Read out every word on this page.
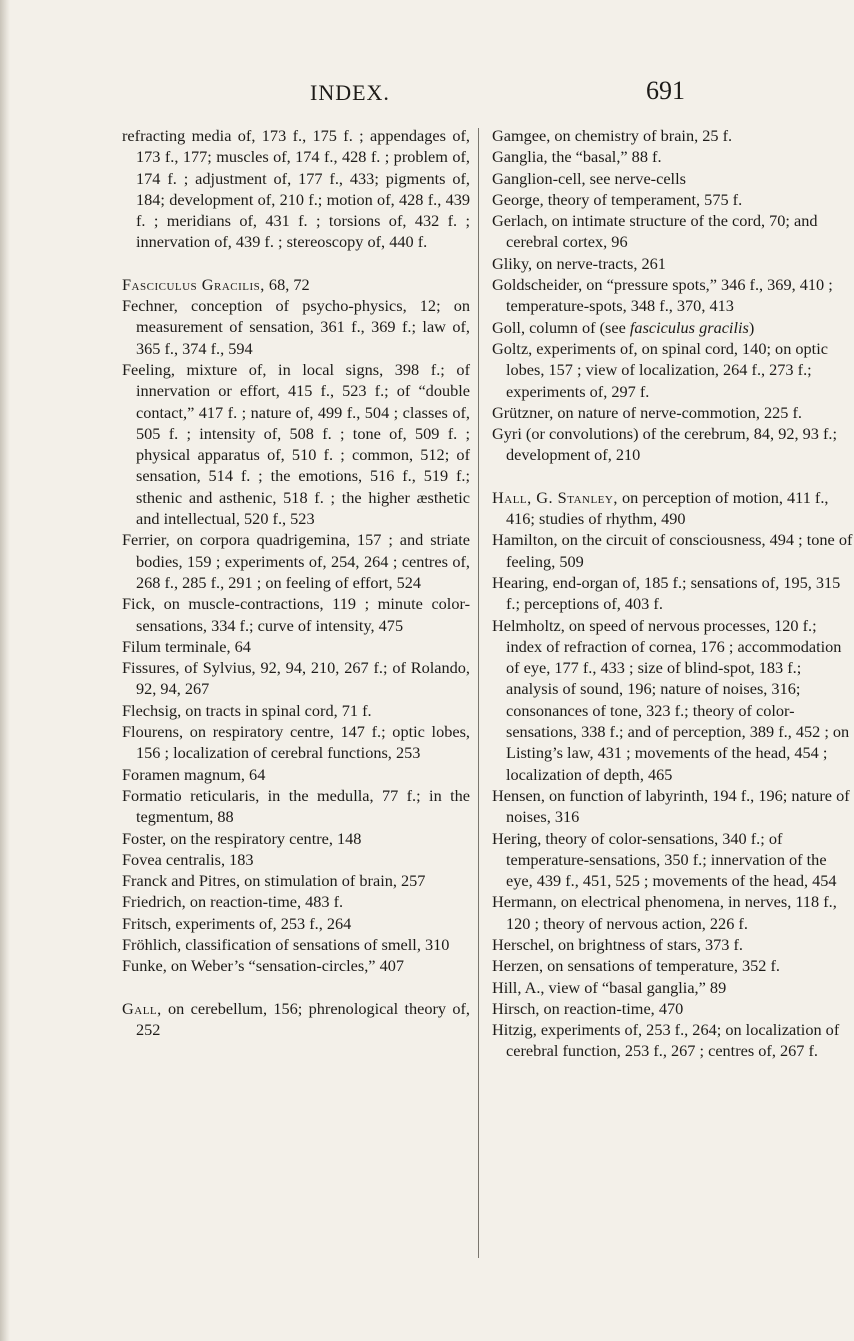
INDEX.	691

refracting media of, 173 f., 175 f. ; appendages of, 173 f., 177; muscles of, 174 f., 428 f. ; problem of, 174 f. ; adjustment of, 177 f., 433; pigments of, 184; development of, 210 f.; motion of, 428 f., 439 f. ; meridians of, 431 f. ; torsions of, 432 f. ; innervation of, 439 f. ; stereoscopy of, 440 f.

Fasciculus Gracilis, 68, 72

Fechner, conception of psycho-physics, 12; on measurement of sensation, 361 f., 369 f.; law of, 365 f., 374 f., 594

Feeling, mixture of, in local signs, 398 f.; of innervation or effort, 415 f., 523 f.; of “double contact,” 417 f. ; nature of, 499 f., 504 ; classes of, 505 f. ; intensity of, 508 f. ; tone of, 509 f. ; physical apparatus of, 510 f. ; common, 512; of sensation, 514 f. ; the emotions, 516 f., 519 f.; sthenic and asthenic, 518 f. ; the higher æsthetic and intellectual, 520 f., 523

Ferrier, on corpora quadrigemina, 157 ; and striate bodies, 159 ; experiments of, 254, 264 ; centres of, 268 f., 285 f., 291 ; on feeling of effort, 524

Fick, on muscle-contractions, 119 ; minute color-sensations, 334 f.; curve of intensity, 475

Filum terminale, 64

Fissures, of Sylvius, 92, 94, 210, 267 f.; of Rolando, 92, 94, 267

Flechsig, on tracts in spinal cord, 71 f.

Flourens, on respiratory centre, 147 f.; optic lobes, 156 ; localization of cerebral functions, 253

Foramen magnum, 64

Formatio reticularis, in the medulla, 77 f.; in the tegmentum, 88

Foster, on the respiratory centre, 148

Fovea centralis, 183

Franck and Pitres, on stimulation of brain, 257

Friedrich, on reaction-time, 483 f.

Fritsch, experiments of, 253 f., 264

Fröhlich, classification of sensations of smell, 310

Funke, on Weber’s “sensation-circles,” 407

Gall, on cerebellum, 156; phrenological theory of, 252

Gamgee, on chemistry of brain, 25 f.

Ganglia, the “basal,” 88 f.

Ganglion-cell, see nerve-cells

George, theory of temperament, 575 f.

Gerlach, on intimate structure of the cord, 70; and cerebral cortex, 96

Gliky, on nerve-tracts, 261

Goldscheider, on “pressure spots,” 346 f., 369, 410 ; temperature-spots, 348 f., 370, 413

Goll, column of (see fasciculus gracilis)

Goltz, experiments of, on spinal cord, 140; on optic lobes, 157 ; view of localization, 264 f., 273 f.; experiments of, 297 f.

Grützner, on nature of nerve-commotion, 225 f.

Gyri (or convolutions) of the cerebrum, 84, 92, 93 f.; development of, 210

Hall, G. Stanley, on perception of motion, 411 f., 416; studies of rhythm, 490

Hamilton, on the circuit of consciousness, 494 ; tone of feeling, 509

Hearing, end-organ of, 185 f.; sensations of, 195, 315 f.; perceptions of, 403 f.

Helmholtz, on speed of nervous processes, 120 f.; index of refraction of cornea, 176 ; accommodation of eye, 177 f., 433 ; size of blind-spot, 183 f.; analysis of sound, 196; nature of noises, 316; consonances of tone, 323 f.; theory of color-sensations, 338 f.; and of perception, 389 f., 452 ; on Listing’s law, 431 ; movements of the head, 454 ; localization of depth, 465

Hensen, on function of labyrinth, 194 f., 196; nature of noises, 316

Hering, theory of color-sensations, 340 f.; of temperature-sensations, 350 f.; innervation of the eye, 439 f., 451, 525 ; movements of the head, 454

Hermann, on electrical phenomena, in nerves, 118 f., 120 ; theory of nervous action, 226 f.

Herschel, on brightness of stars, 373 f.

Herzen, on sensations of temperature, 352 f.

Hill, A., view of “basal ganglia,” 89

Hirsch, on reaction-time, 470

Hitzig, experiments of, 253 f., 264; on localization of cerebral function, 253 f., 267 ; centres of, 267 f.
